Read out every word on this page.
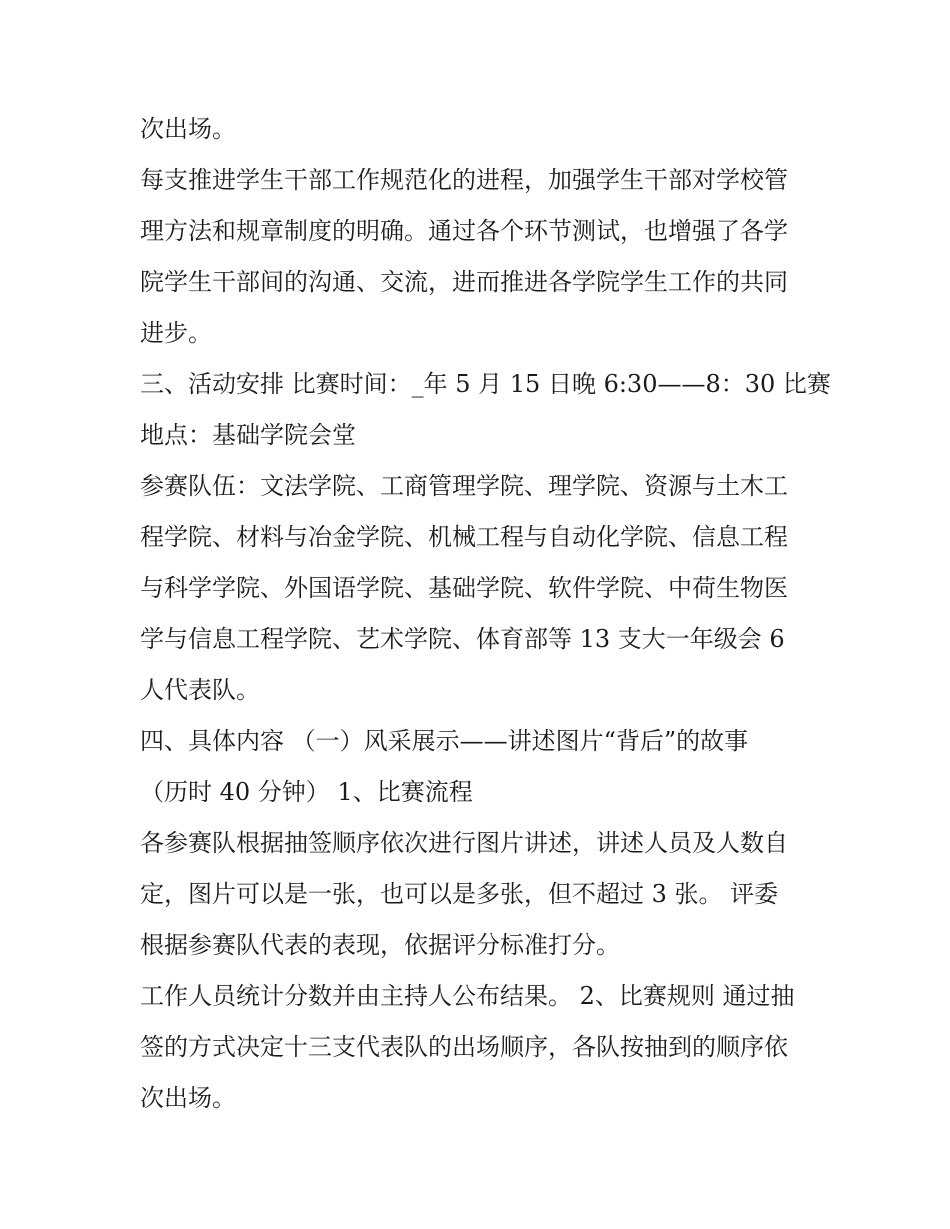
次出场。
每支推进学生干部工作规范化的进程，加强学生干部对学校管
理方法和规章制度的明确。通过各个环节测试，也增强了各学
院学生干部间的沟通、交流，进而推进各学院学生工作的共同
进步。
三、活动安排 比赛时间：_年 5 月 15 日晚 6:30——8：30 比赛
地点：基础学院会堂
参赛队伍：文法学院、工商管理学院、理学院、资源与土木工
程学院、材料与冶金学院、机械工程与自动化学院、信息工程
与科学学院、外国语学院、基础学院、软件学院、中荷生物医
学与信息工程学院、艺术学院、体育部等 13 支大一年级会 6
人代表队。
四、具体内容 （一）风采展示——讲述图片“背后”的故事
（历时 40 分钟） 1、比赛流程
各参赛队根据抽签顺序依次进行图片讲述，讲述人员及人数自
定，图片可以是一张，也可以是多张，但不超过 3 张。 评委
根据参赛队代表的表现，依据评分标准打分。
工作人员统计分数并由主持人公布结果。 2、比赛规则 通过抽
签的方式决定十三支代表队的出场顺序，各队按抽到的顺序依
次出场。
